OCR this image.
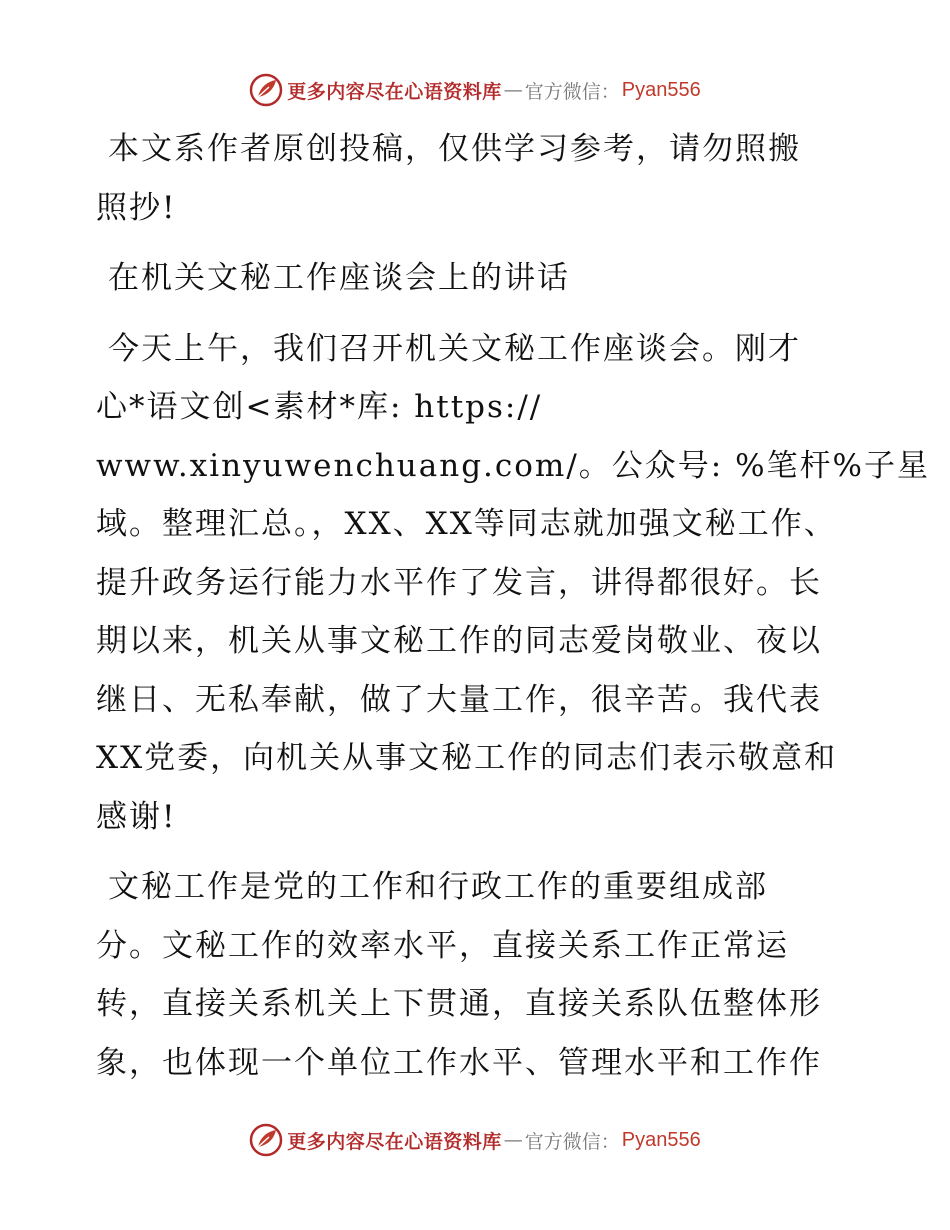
更多内容尽在心语资料库 — 官方微信： Pyan556

本文系作者原创投稿，仅供学习参考，请勿照搬
照抄!

在机关文秘工作座谈会上的讲话

今天上午，我们召开机关文秘工作座谈会。刚才
心*语文创<素材*库: https://
www.xinyuwenchuang.com/。公众号: %笔杆%子星
域。整理汇总。，XX、XX等同志就加强文秘工作、
提升政务运行能力水平作了发言，讲得都很好。长
期以来，机关从事文秘工作的同志爱岗敬业、夜以
继日、无私奉献，做了大量工作，很辛苦。我代表
XX党委，向机关从事文秘工作的同志们表示敬意和
感谢!

文秘工作是党的工作和行政工作的重要组成部
分。文秘工作的效率水平，直接关系工作正常运
转，直接关系机关上下贯通，直接关系队伍整体形
象，也体现一个单位工作水平、管理水平和工作作

更多内容尽在心语资料库 — 官方微信： Pyan556
